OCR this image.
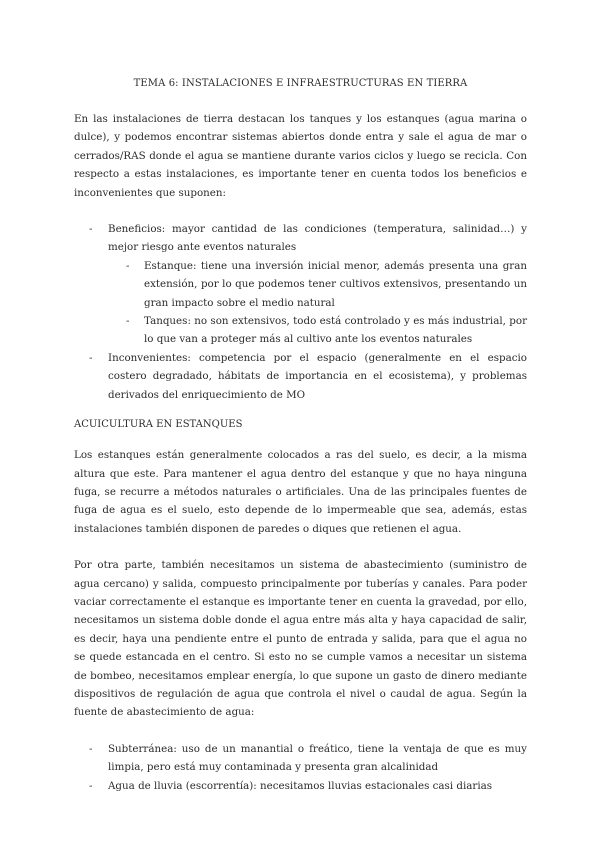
TEMA 6: INSTALACIONES E INFRAESTRUCTURAS EN TIERRA

En las instalaciones de tierra destacan los tanques y los estanques (agua marina o dulce), y podemos encontrar sistemas abiertos donde entra y sale el agua de mar o cerrados/RAS donde el agua se mantiene durante varios ciclos y luego se recicla. Con respecto a estas instalaciones, es importante tener en cuenta todos los beneficios e inconvenientes que suponen:

- Beneficios: mayor cantidad de las condiciones (temperatura, salinidad…) y mejor riesgo ante eventos naturales
- Estanque: tiene una inversión inicial menor, además presenta una gran extensión, por lo que podemos tener cultivos extensivos, presentando un gran impacto sobre el medio natural
- Tanques: no son extensivos, todo está controlado y es más industrial, por lo que van a proteger más al cultivo ante los eventos naturales
- Inconvenientes: competencia por el espacio (generalmente en el espacio costero degradado, hábitats de importancia en el ecosistema), y problemas derivados del enriquecimiento de MO
ACUICULTURA EN ESTANQUES

Los estanques están generalmente colocados a ras del suelo, es decir, a la misma altura que este. Para mantener el agua dentro del estanque y que no haya ninguna fuga, se recurre a métodos naturales o artificiales. Una de las principales fuentes de fuga de agua es el suelo, esto depende de lo impermeable que sea, además, estas instalaciones también disponen de paredes o diques que retienen el agua.

Por otra parte, también necesitamos un sistema de abastecimiento (suministro de agua cercano) y salida, compuesto principalmente por tuberías y canales. Para poder vaciar correctamente el estanque es importante tener en cuenta la gravedad, por ello, necesitamos un sistema doble donde el agua entre más alta y haya capacidad de salir, es decir, haya una pendiente entre el punto de entrada y salida, para que el agua no se quede estancada en el centro. Si esto no se cumple vamos a necesitar un sistema de bombeo, necesitamos emplear energía, lo que supone un gasto de dinero mediante dispositivos de regulación de agua que controla el nivel o caudal de agua. Según la fuente de abastecimiento de agua:

- Subterránea: uso de un manantial o freático, tiene la ventaja de que es muy limpia, pero está muy contaminada y presenta gran alcalinidad
- Agua de lluvia (escorrentía): necesitamos lluvias estacionales casi diarias
